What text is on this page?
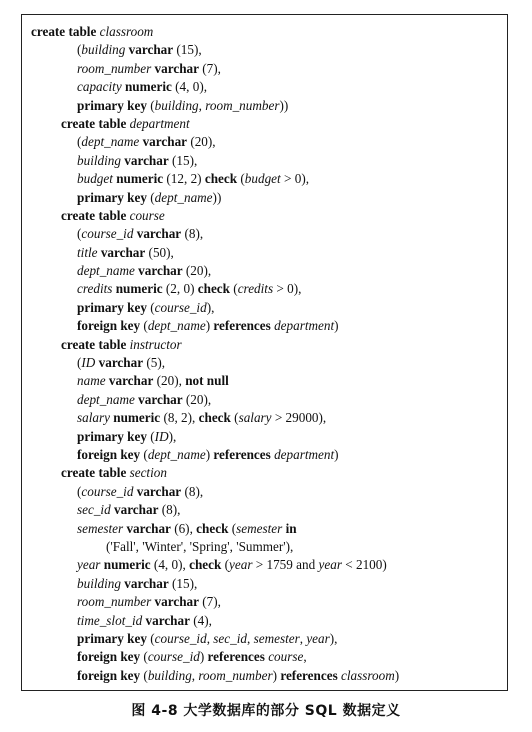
create table classroom
(building varchar (15),
room_number varchar (7),
capacity numeric (4, 0),
primary key (building, room_number))
create table department
(dept_name varchar (20),
building varchar (15),
budget numeric (12, 2) check (budget > 0),
primary key (dept_name))
create table course
(course_id varchar (8),
title varchar (50),
dept_name varchar (20),
credits numeric (2, 0) check (credits > 0),
primary key (course_id),
foreign key (dept_name) references department)
create table instructor
(ID varchar (5),
name varchar (20), not null
dept_name varchar (20),
salary numeric (8, 2), check (salary > 29000),
primary key (ID),
foreign key (dept_name) references department)
create table section
(course_id varchar (8),
sec_id varchar (8),
semester varchar (6), check (semester in
('Fall', 'Winter', 'Spring', 'Summer'),
year numeric (4, 0), check (year > 1759 and year < 2100)
building varchar (15),
room_number varchar (7),
time_slot_id varchar (4),
primary key (course_id, sec_id, semester, year),
foreign key (course_id) references course,
foreign key (building, room_number) references classroom)
图 4-8 大学数据库的部分 SQL 数据定义
